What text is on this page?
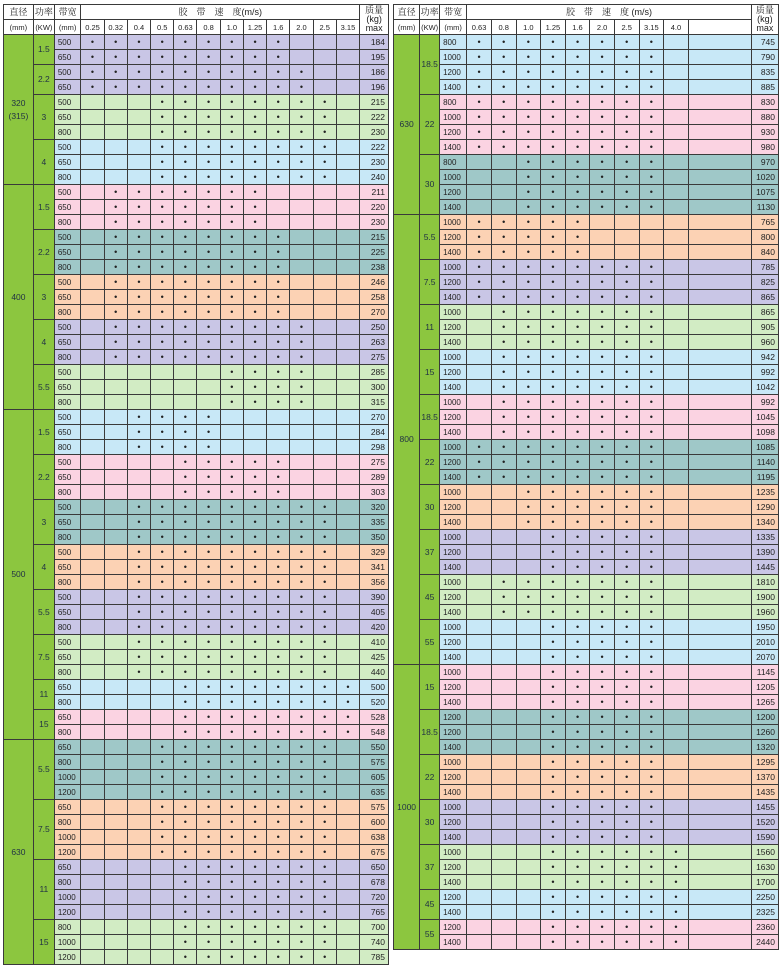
直径	功率	带宽	胶　带　速　度(m/s)												质量
(kg)
max
(mm)	(KW)	(mm)	0.25	0.32	0.4	0.5	0.63	0.8	1.0	1.25	1.6	2.0	2.5	3.15	
320
(315)	1.5	500	•	•	•	•	•	•	•	•	•				184
		650	•	•	•	•	•	•	•	•	•				195
	2.2	500	•	•	•	•	•	•	•	•	•	•			186
		650	•	•	•	•	•	•	•	•	•	•			196
	3	500				•	•	•	•	•	•	•	•		215
		650				•	•	•	•	•	•	•	•		222
		800				•	•	•	•	•	•	•	•		230
	4	500				•	•	•	•	•	•	•	•		222
		650				•	•	•	•	•	•	•	•		230
		800				•	•	•	•	•	•	•	•		240
400	1.5	500		•	•	•	•	•	•	•					211
		650		•	•	•	•	•	•	•					220
		800		•	•	•	•	•	•	•					230
	2.2	500		•	•	•	•	•	•	•	•				215
		650		•	•	•	•	•	•	•	•				225
		800		•	•	•	•	•	•	•	•				238
	3	500		•	•	•	•	•	•	•	•				246
		650		•	•	•	•	•	•	•	•				258
		800		•	•	•	•	•	•	•	•				270
	4	500		•	•	•	•	•	•	•	•	•			250
		650		•	•	•	•	•	•	•	•	•			263
		800		•	•	•	•	•	•	•	•	•			275
	5.5	500							•	•	•	•			285
		650							•	•	•	•			300
		800							•	•	•	•			315
500	1.5	500			•	•	•	•							270
		650			•	•	•	•							284
		800			•	•	•	•							298
	2.2	500					•	•	•	•	•				275
		650					•	•	•	•	•				289
		800					•	•	•	•	•				303
	3	500			•	•	•	•	•	•	•	•	•		320
		650			•	•	•	•	•	•	•	•	•		335
		800			•	•	•	•	•	•	•	•	•		350
	4	500			•	•	•	•	•	•	•	•	•		329
		650			•	•	•	•	•	•	•	•	•		341
		800			•	•	•	•	•	•	•	•	•		356
	5.5	500			•	•	•	•	•	•	•	•	•		390
		650			•	•	•	•	•	•	•	•	•		405
		800			•	•	•	•	•	•	•	•	•		420
	7.5	500			•	•	•	•	•	•	•	•	•		410
		650			•	•	•	•	•	•	•	•	•		425
		800			•	•	•	•	•	•	•	•	•		440
	11	650					•	•	•	•	•	•	•	•	500
		800					•	•	•	•	•	•	•	•	520
	15	650					•	•	•	•	•	•	•	•	528
		800					•	•	•	•	•	•	•	•	548
630	5.5	650				•	•	•	•	•	•	•	•		550
		800				•	•	•	•	•	•	•	•		575
		1000				•	•	•	•	•	•	•	•		605
		1200				•	•	•	•	•	•	•	•		635
	7.5	650				•	•	•	•	•	•	•	•		575
		800				•	•	•	•	•	•	•	•		600
		1000				•	•	•	•	•	•	•	•		638
		1200				•	•	•	•	•	•	•	•		675
	11	650					•	•	•	•	•	•	•		650
		800					•	•	•	•	•	•	•		678
		1000					•	•	•	•	•	•	•		720
		1200					•	•	•	•	•	•	•		765
	15	800					•	•	•	•	•	•	•		700
		1000					•	•	•	•	•	•	•		740
		1200					•	•	•	•	•	•	•		785
直径	功率	带宽	胶　带　速　度 (m/s)										质量
(kg)
max
(mm)	(KW)	(mm)	0.63	0.8	1.0	1.25	1.6	2.0	2.5	3.15	4.0		
630	18.5	800	•	•	•	•	•	•	•	•			745
		1000	•	•	•	•	•	•	•	•			790
		1200	•	•	•	•	•	•	•	•			835
		1400	•	•	•	•	•	•	•	•			885
	22	800	•	•	•	•	•	•	•	•			830
		1000	•	•	•	•	•	•	•	•			880
		1200	•	•	•	•	•	•	•	•			930
		1400	•	•	•	•	•	•	•	•			980
	30	800			•	•	•	•	•	•			970
		1000			•	•	•	•	•	•			1020
		1200			•	•	•	•	•	•			1075
		1400			•	•	•	•	•	•			1130
800	5.5	1000	•	•	•	•	•						765
		1200	•	•	•	•	•						800
		1400	•	•	•	•	•						840
	7.5	1000	•	•	•	•	•	•	•	•			785
		1200	•	•	•	•	•	•	•	•			825
		1400	•	•	•	•	•	•	•	•			865
	11	1000		•	•	•	•	•	•	•			865
		1200		•	•	•	•	•	•	•			905
		1400		•	•	•	•	•	•	•			960
	15	1000		•	•	•	•	•	•	•			942
		1200		•	•	•	•	•	•	•			992
		1400		•	•	•	•	•	•	•			1042
	18.5	1000		•	•	•	•	•	•	•			992
		1200		•	•	•	•	•	•	•			1045
		1400		•	•	•	•	•	•	•			1098
	22	1000	•	•	•	•	•	•	•	•			1085
		1200	•	•	•	•	•	•	•	•			1140
		1400	•	•	•	•	•	•	•	•			1195
	30	1000			•	•	•	•	•	•			1235
		1200			•	•	•	•	•	•			1290
		1400			•	•	•	•	•	•			1340
	37	1000				•	•	•	•	•			1335
		1200				•	•	•	•	•			1390
		1400				•	•	•	•	•			1445
	45	1000		•	•	•	•	•	•	•			1810
		1200		•	•	•	•	•	•	•			1900
		1400		•	•	•	•	•	•	•			1960
	55	1000				•	•	•	•	•			1950
		1200				•	•	•	•	•			2010
		1400				•	•	•	•	•			2070
1000	15	1000				•	•	•	•	•			1145
		1200				•	•	•	•	•			1205
		1400				•	•	•	•	•			1265
	18.5	1200				•	•	•	•	•			1200
		1200				•	•	•	•	•			1260
		1400				•	•	•	•	•			1320
	22	1000				•	•	•	•	•			1295
		1200				•	•	•	•	•			1370
		1400				•	•	•	•	•			1435
	30	1000				•	•	•	•	•			1455
		1200				•	•	•	•	•			1520
		1400				•	•	•	•	•			1590
	37	1000				•	•	•	•	•	•		1560
		1200				•	•	•	•	•	•		1630
		1400				•	•	•	•	•	•		1700
	45	1200				•	•	•	•	•	•		2250
		1400				•	•	•	•	•	•		2325
	55	1200				•	•	•	•	•	•		2360
		1400				•	•	•	•	•	•		2440
